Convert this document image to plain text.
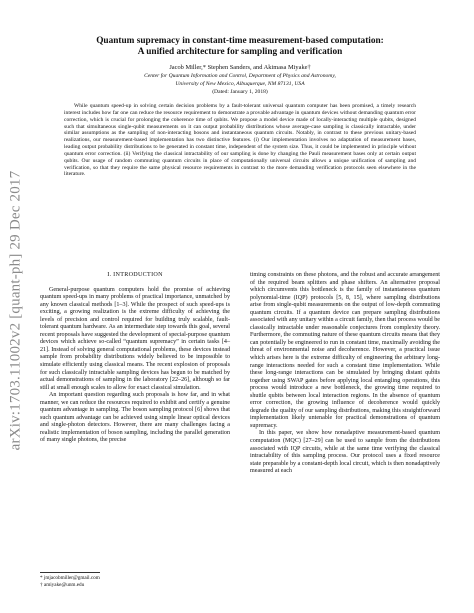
arXiv:1703.11002v2 [quant-ph] 29 Dec 2017

Quantum supremacy in constant-time measurement-based computation:

A unified architecture for sampling and verification

Jacob Miller,* Stephen Sanders, and Akimasa Miyake†
Center for Quantum Information and Control, Department of Physics and Astronomy,
University of New Mexico, Albuquerque, NM 87131, USA
(Dated: January 1, 2018)

While quantum speed-up in solving certain decision problems by a fault-tolerant universal quantum computer has been promised, a timely research interest includes how far one can reduce the resource requirement to demonstrate a provable advantage in quantum devices without demanding quantum error correction, which is crucial for prolonging the coherence time of qubits. We propose a model device made of locally-interacting multiple qubits, designed such that simultaneous single-qubit measurements on it can output probability distributions whose average-case sampling is classically intractable, under similar assumptions as the sampling of non-interacting bosons and instantaneous quantum circuits. Notably, in contrast to these previous unitary-based realizations, our measurement-based implementation has two distinctive features. (i) Our implementation involves no adaptation of measurement bases, leading output probability distributions to be generated in constant time, independent of the system size. Thus, it could be implemented in principle without quantum error correction. (ii) Verifying the classical intractability of our sampling is done by changing the Pauli measurement bases only at certain output qubits. Our usage of random commuting quantum circuits in place of computationally universal circuits allows a unique unification of sampling and verification, so that they require the same physical resource requirements in contrast to the more demanding verification protocols seen elsewhere in the literature.

I. INTRODUCTION

General-purpose quantum computers hold the promise of achieving quantum speed-ups in many problems of practical importance, unmatched by any known classical methods [1–3]. While the prospect of such speed-ups is exciting, a growing realization is the extreme difficulty of achieving the levels of precision and control required for building truly scalable, fault-tolerant quantum hardware. As an intermediate step towards this goal, several recent proposals have suggested the development of special-purpose quantum devices which achieve so-called “quantum supremacy” in certain tasks [4–21]. Instead of solving general computational problems, these devices instead sample from probability distributions widely believed to be impossible to simulate efficiently using classical means. The recent explosion of proposals for such classically intractable sampling devices has begun to be matched by actual demonstrations of sampling in the laboratory [22–26], although so far still at small enough scales to allow for exact classical simulation.

An important question regarding such proposals is how far, and in what manner, we can reduce the resources required to exhibit and certify a genuine quantum advantage in sampling. The boson sampling protocol [6] shows that such quantum advantage can be achieved using simple linear optical devices and single-photon detectors. However, there are many challenges facing a realistic implementation of boson sampling, including the parallel generation of many single photons, the precise

timing constraints on these photons, and the robust and accurate arrangement of the required beam splitters and phase shifters. An alternative proposal which circumvents this bottleneck is the family of instantaneous quantum polynomial-time (IQP) protocols [5, 8, 15], where sampling distributions arise from single-qubit measurements on the output of low-depth commuting quantum circuits. If a quantum device can prepare sampling distributions associated with any unitary within a circuit family, then that process would be classically intractable under reasonable conjectures from complexity theory. Furthermore, the commuting nature of these quantum circuits means that they can potentially be engineered to run in constant time, maximally avoiding the threat of environmental noise and decoherence. However, a practical issue which arises here is the extreme difficulty of engineering the arbitrary long-range interactions needed for such a constant time implementation. While these long-range interactions can be simulated by bringing distant qubits together using SWAP gates before applying local entangling operations, this process would introduce a new bottleneck, the growing time required to shuttle qubits between local interaction regions. In the absence of quantum error correction, the growing influence of decoherence would quickly degrade the quality of our sampling distributions, making this straightforward implementation likely untenable for practical demonstrations of quantum supremacy.

In this paper, we show how nonadaptive measurement-based quantum computation (MQC) [27–29] can be used to sample from the distributions associated with IQP circuits, while at the same time verifying the classical intractability of this sampling process. Our protocol uses a fixed resource state preparable by a constant-depth local circuit, which is then nonadaptively measured at each

* jmjacobmiller@gmail.com
† amiyake@unm.edu
